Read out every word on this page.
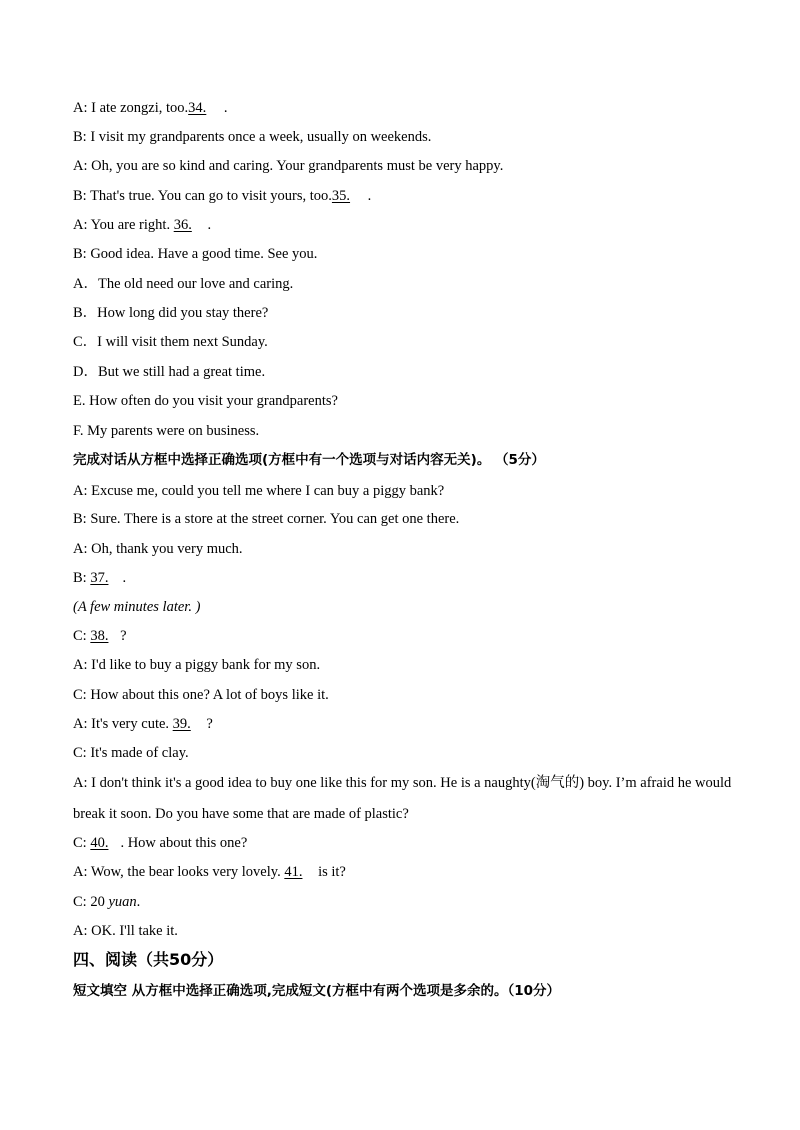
A: I ate zongzi, too.34. .
B: I visit my grandparents once a week, usually on weekends.
A: Oh, you are so kind and caring. Your grandparents must be very happy.
B: That's true. You can go to visit yours, too.35. .
A: You are right. 36. .
B: Good idea. Have a good time. See you.
A．The old need our love and caring.
B．How long did you stay there?
C．I will visit them next Sunday.
D．But we still had a great time.
E. How often do you visit your grandparents?
F. My parents were on business.
完成对话从方框中选择正确选项(方框中有一个选项与对话内容无关)。 （5分）
A: Excuse me, could you tell me where I can buy a piggy bank?
B: Sure. There is a store at the street corner. You can get one there.
A: Oh, thank you very much.
B: 37. .
(A few minutes later. )
C: 38. ?
A: I'd like to buy a piggy bank for my son.
C: How about this one? A lot of boys like it.
A: It's very cute. 39. ?
C: It's made of clay.
A: I don't think it's a good idea to buy one like this for my son. He is a naughty(淘气的) boy. I’m afraid he would
break it soon. Do you have some that are made of plastic?
C: 40. . How about this one?
A: Wow, the bear looks very lovely. 41. is it?
C: 20 yuan.
A: OK. I'll take it.
四、阅读（共50分）
短文填空 从方框中选择正确选项,完成短文(方框中有两个选项是多余的。（10分）
